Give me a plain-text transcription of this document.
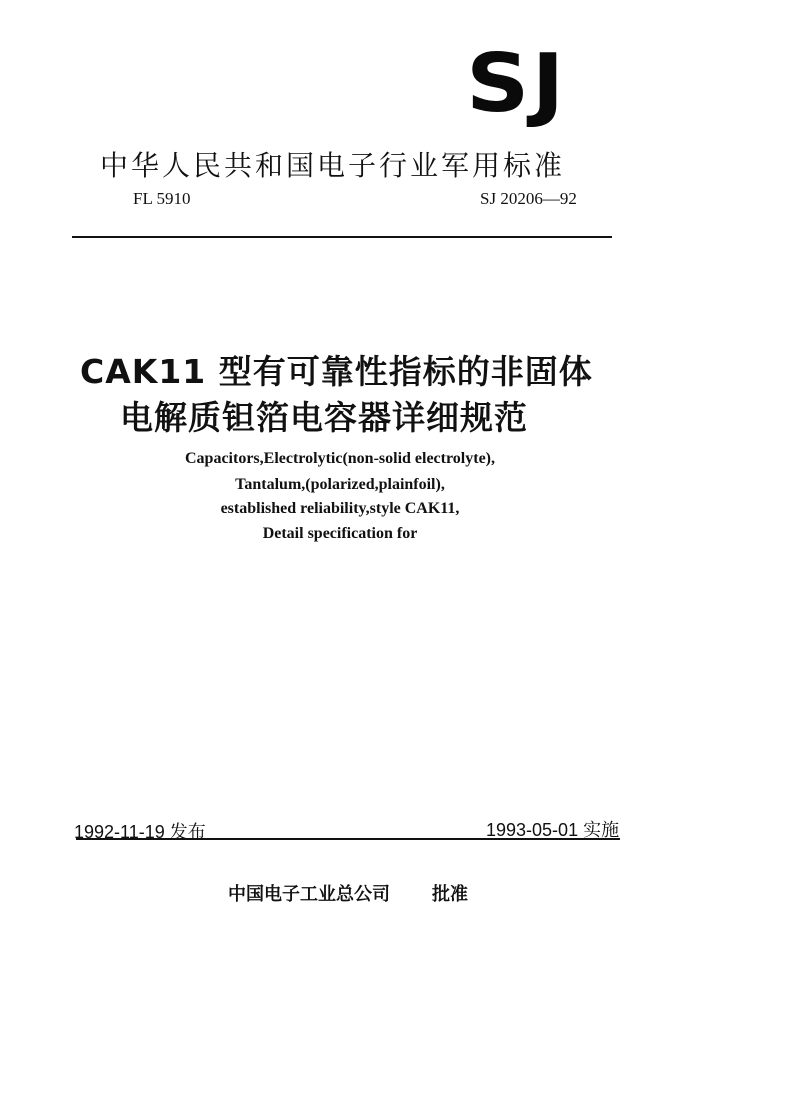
SJ
中华人民共和国电子行业军用标准
FL 5910	SJ 20206—92
CAK11 型有可靠性指标的非固体
电解质钽箔电容器详细规范
Capacitors,Electrolytic(non-solid electrolyte),
Tantalum,(polarized,plainfoil),
established reliability,style CAK11,
Detail specification for
1992-11-19 发布	1993-05-01 实施
中国电子工业总公司 批准
